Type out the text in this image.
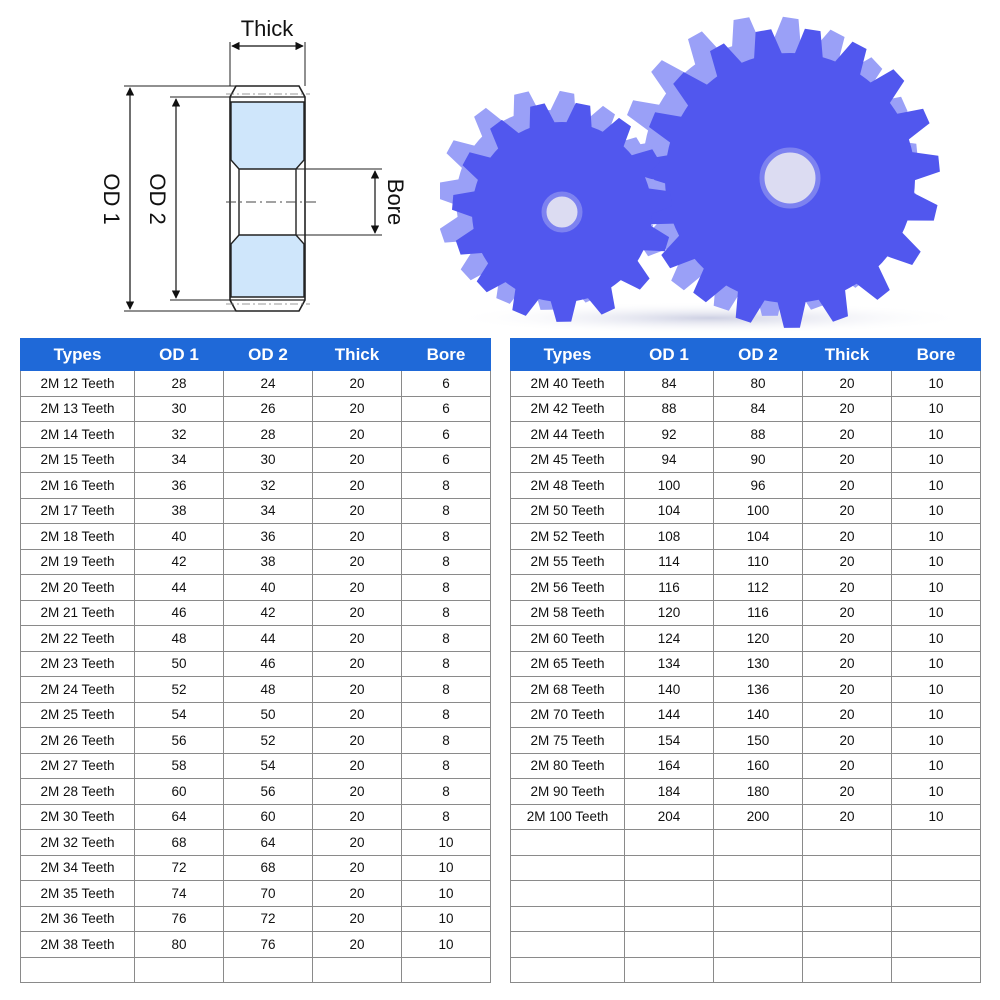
Thick
OD 1 OD 2	Bore
Types	OD 1	OD 2	Thick	Bore
2M 12 Teeth	28	24	20	6
2M 13 Teeth	30	26	20	6
2M 14 Teeth	32	28	20	6
2M 15 Teeth	34	30	20	6
2M 16 Teeth	36	32	20	8
2M 17 Teeth	38	34	20	8
2M 18 Teeth	40	36	20	8
2M 19 Teeth	42	38	20	8
2M 20 Teeth	44	40	20	8
2M 21 Teeth	46	42	20	8
2M 22 Teeth	48	44	20	8
2M 23 Teeth	50	46	20	8
2M 24 Teeth	52	48	20	8
2M 25 Teeth	54	50	20	8
2M 26 Teeth	56	52	20	8
2M 27 Teeth	58	54	20	8
2M 28 Teeth	60	56	20	8
2M 30 Teeth	64	60	20	8
2M 32 Teeth	68	64	20	10
2M 34 Teeth	72	68	20	10
2M 35 Teeth	74	70	20	10
2M 36 Teeth	76	72	20	10
2M 38 Teeth	80	76	20	10

Types	OD 1	OD 2	Thick	Bore
2M 40 Teeth	84	80	20	10
2M 42 Teeth	88	84	20	10
2M 44 Teeth	92	88	20	10
2M 45 Teeth	94	90	20	10
2M 48 Teeth	100	96	20	10
2M 50 Teeth	104	100	20	10
2M 52 Teeth	108	104	20	10
2M 55 Teeth	114	110	20	10
2M 56 Teeth	116	112	20	10
2M 58 Teeth	120	116	20	10
2M 60 Teeth	124	120	20	10
2M 65 Teeth	134	130	20	10
2M 68 Teeth	140	136	20	10
2M 70 Teeth	144	140	20	10
2M 75 Teeth	154	150	20	10
2M 80 Teeth	164	160	20	10
2M 90 Teeth	184	180	20	10
2M 100 Teeth	204	200	20	10
